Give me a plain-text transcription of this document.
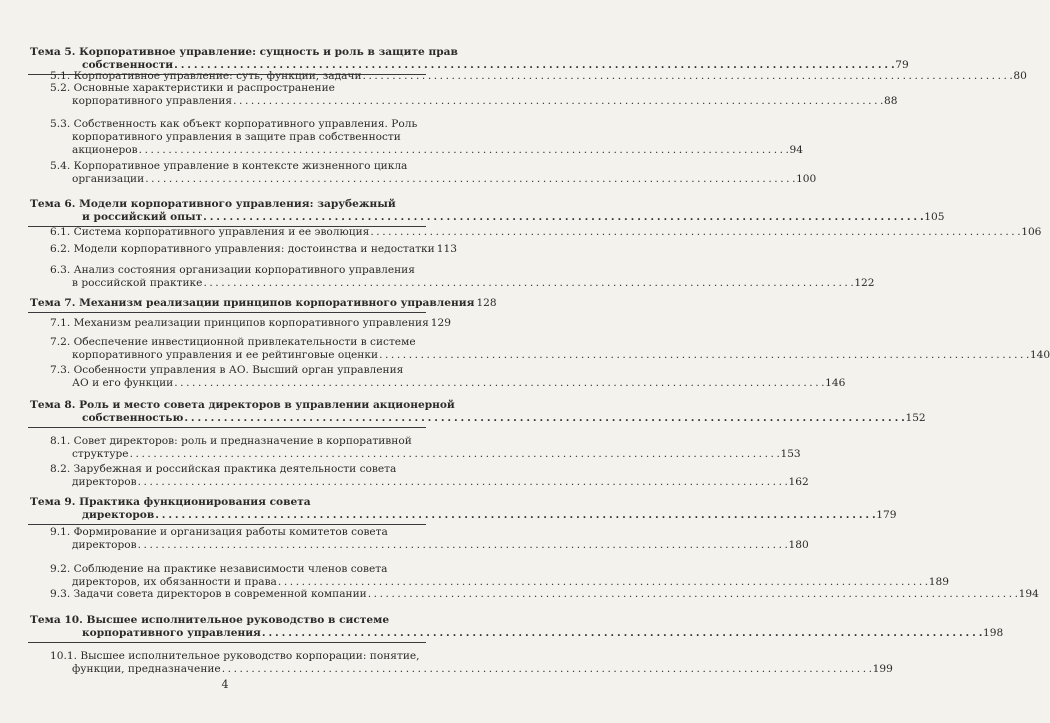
Тема 5. Корпоративное управление: сущность и роль в защите прав
собственности . . .	79
5.1. Корпоративное управление: суть, функции, задачи . . .	80
5.2. Основные характеристики и распространение
корпоративного управления . . .	88
5.3. Собственность как объект корпоративного управления. Роль
корпоративного управления в защите прав собственности
акционеров . . .	94
5.4. Корпоративное управление в контексте жизненного цикла
организации . . .	100
Тема 6. Модели корпоративного управления: зарубежный
и российский опыт . . .	105
6.1. Система корпоративного управления и ее эволюция . . .	106
6.2. Модели корпоративного управления: достоинства и недостатки 113
6.3. Анализ состояния организации корпоративного управления
в российской практике . . .	122
Тема 7. Механизм реализации принципов корпоративного управления 128
7.1. Механизм реализации принципов корпоративного управления 129
7.2. Обеспечение инвестиционной привлекательности в системе
корпоративного управления и ее рейтинговые оценки . . .	140
7.3. Особенности управления в АО. Высший орган управления
АО и его функции . . .	146
Тема 8. Роль и место совета директоров в управлении акционерной
собственностью . . .	152
8.1. Совет директоров: роль и предназначение в корпоративной
структуре . . .	153
8.2. Зарубежная и российская практика деятельности совета
директоров . . .	162
Тема 9. Практика функционирования совета
директоров . . .	179
9.1. Формирование и организация работы комитетов совета
директоров . . .	180
9.2. Соблюдение на практике независимости членов совета
директоров, их обязанности и права . . .	189
9.3. Задачи совета директоров в современной компании . . .	194
Тема 10. Высшее исполнительное руководство в системе
корпоративного управления . . .	198
10.1. Высшее исполнительное руководство корпорации: понятие,
функции, предназначение . . .	199
4
